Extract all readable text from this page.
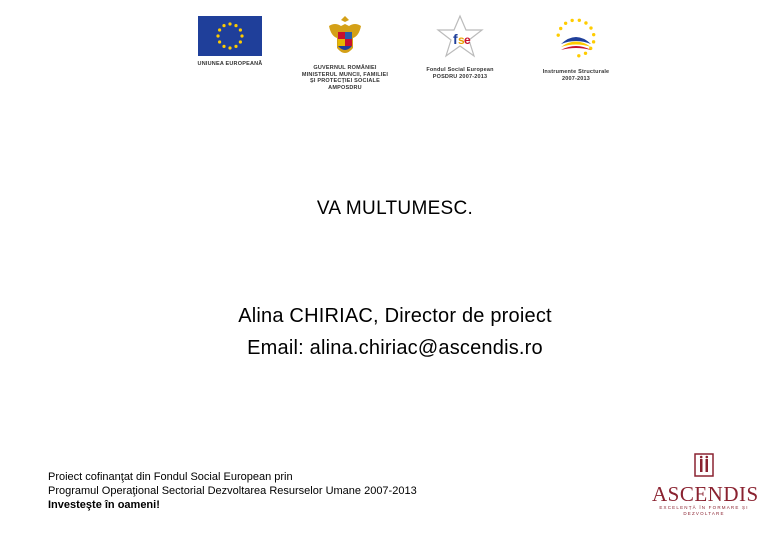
UNIUNEA EUROPEANĂ
GUVERNUL ROMÂNIEI
MINISTERUL MUNCII, FAMILIEI
ȘI PROTECȚIEI SOCIALE
AMPOSDRU
f s e
Fondul Social European
POSDRU 2007-2013
Instrumente Structurale
2007-2013
VA MULTUMESC.
Alina CHIRIAC, Director de proiect
Email: alina.chiriac@ascendis.ro
Proiect cofinanţat din Fondul Social European prin
Programul Operaţional Sectorial Dezvoltarea Resurselor Umane 2007-2013
Investeşte în oameni!	ASCENDIS
EXCELENȚĂ ÎN FORMARE ȘI DEZVOLTARE
